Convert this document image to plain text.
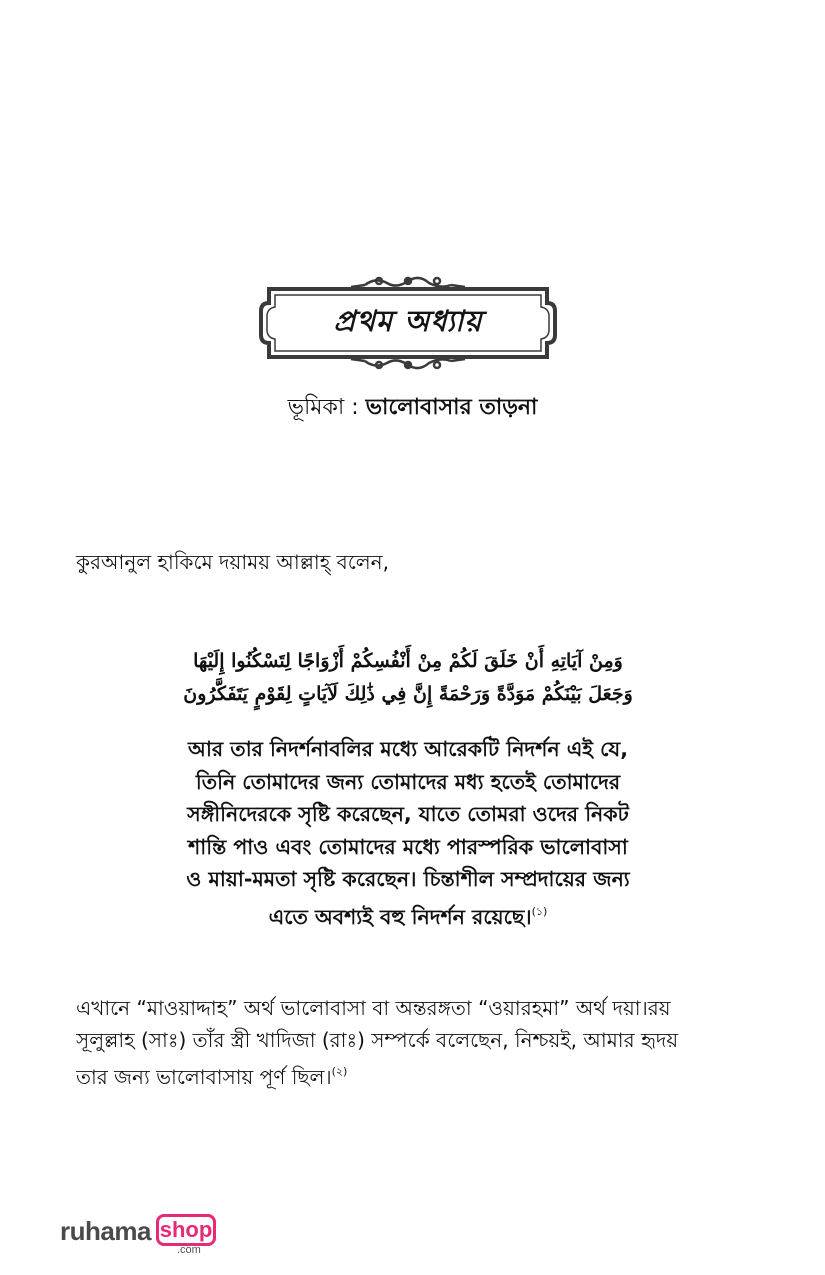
প্রথম অধ্যায়
ভূমিকা : ভালোবাসার তাড়না
কুরআনুল হাকিমে দয়াময় আল্লাহ্ বলেন,
وَمِنْ آيَاتِهِ أَنْ خَلَقَ لَكُمْ مِنْ أَنْفُسِكُمْ أَزْوَاجًا لِتَسْكُنُوا إِلَيْهَا
وَجَعَلَ بَيْنَكُمْ مَوَدَّةً وَرَحْمَةً إِنَّ فِي ذَٰلِكَ لَآيَاتٍ لِقَوْمٍ يَتَفَكَّرُونَ
আর তার নিদর্শনাবলির মধ্যে আরেকটি নিদর্শন এই যে,
তিনি তোমাদের জন্য তোমাদের মধ্য হতেই তোমাদের
সঙ্গীনিদেরকে সৃষ্টি করেছেন, যাতে তোমরা ওদের নিকট
শান্তি পাও এবং তোমাদের মধ্যে পারস্পরিক ভালোবাসা
ও মায়া-মমতা সৃষ্টি করেছেন। চিন্তাশীল সম্প্রদায়ের জন্য
এতে অবশ্যই বহু নিদর্শন রয়েছে।$^{(১)}$
এখানে “মাওয়াদ্দাহ” অর্থ ভালোবাসা বা অন্তরঙ্গতা “ওয়ারহমা” অর্থ দয়া।রয়
সূলুল্লাহ (সাঃ) তাঁর স্ত্রী খাদিজা (রাঃ) সম্পর্কে বলেছেন, নিশ্চয়ই, আমার হৃদয়
তার জন্য ভালোবাসায় পূর্ণ ছিল।$^{(২)}$
ruhama shop
.com
